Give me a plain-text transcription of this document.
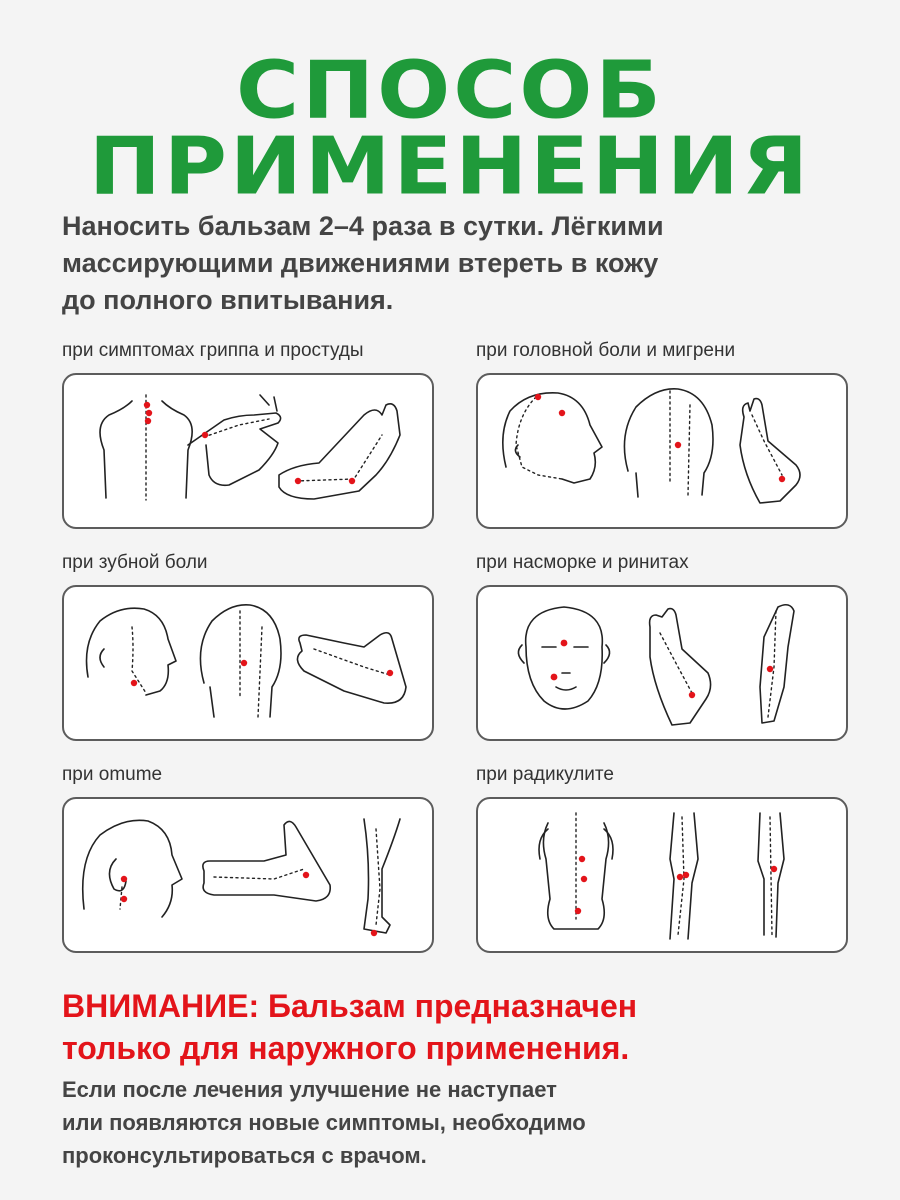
СПОСОБ
ПРИМЕНЕНИЯ
Наносить бальзам 2–4 раза в сутки. Лёгкими
массирующими движениями втереть в кожу
до полного впитывания.
при симптомах гриппа и простуды	при головной боли и мигрени
при зубной боли	при насморке и ринитах
при omume	при радикулите
ВНИМАНИЕ: Бальзам предназначен
только для наружного применения.
Если после лечения улучшение не наступает
или появляются новые симптомы, необходимо
проконсультироваться с врачом.
